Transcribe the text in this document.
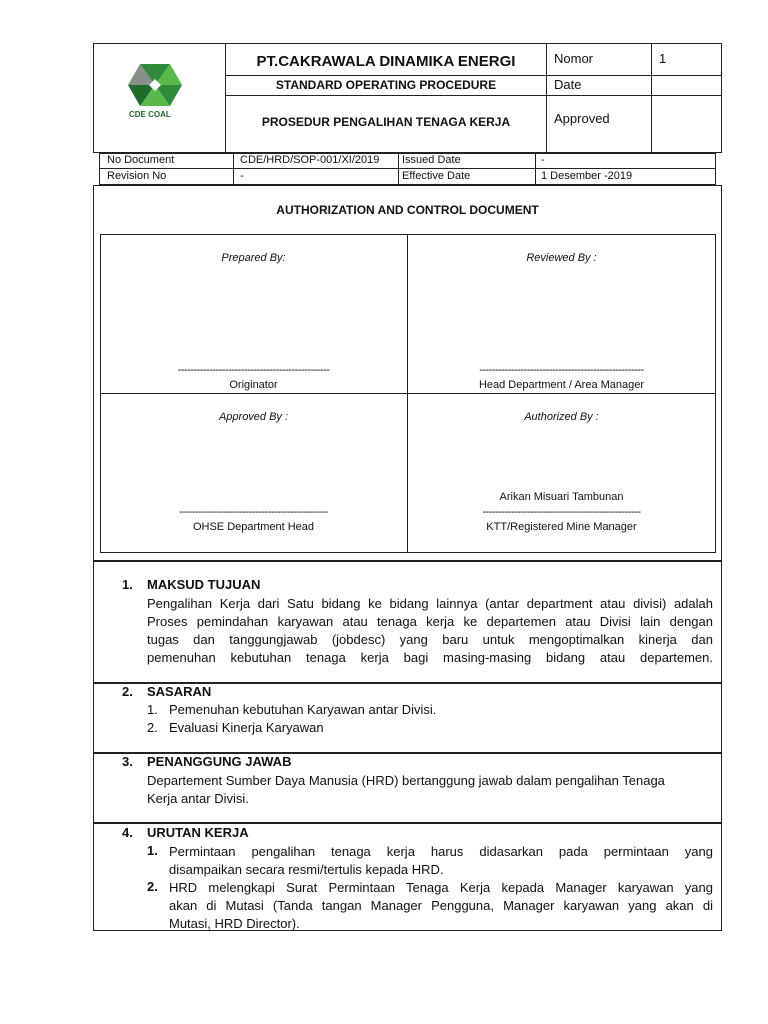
CDE COAL
PT.CAKRAWALA DINAMIKA ENERGI
STANDARD OPERATING PROCEDURE
PROSEDUR PENGALIHAN TENAGA KERJA
Nomor	1
Date
Approved
No Document	CDE/HRD/SOP-001/XI/2019 Issued Date	-
Revision No	-	Effective Date	1 Desember -2019
AUTHORIZATION AND CONTROL DOCUMENT
Prepared By:
------------------------------------------------
Originator
Reviewed By :
----------------------------------------------------
Head Department / Area Manager
Approved By :
-----------------------------------------------
OHSE Department Head
Authorized By :
Arikan Misuari Tambunan
--------------------------------------------------
KTT/Registered Mine Manager
1. MAKSUD TUJUAN
Pengalihan Kerja dari Satu bidang ke bidang lainnya (antar department atau divisi) adalah
Proses pemindahan karyawan atau tenaga kerja ke departemen atau Divisi lain dengan
tugas dan tanggungjawab (jobdesc) yang baru untuk mengoptimalkan kinerja dan
pemenuhan kebutuhan tenaga kerja bagi masing-masing bidang atau departemen.
2. SASARAN
1. Pemenuhan kebutuhan Karyawan antar Divisi.
2. Evaluasi Kinerja Karyawan
3. PENANGGUNG JAWAB
Departement Sumber Daya Manusia (HRD) bertanggung jawab dalam pengalihan Tenaga
Kerja antar Divisi.
4. URUTAN KERJA
1. Permintaan pengalihan tenaga kerja harus didasarkan pada permintaan yang
disampaikan secara resmi/tertulis kepada HRD.
2. HRD melengkapi Surat Permintaan Tenaga Kerja kepada Manager karyawan yang
akan di Mutasi (Tanda tangan Manager Pengguna, Manager karyawan yang akan di
Mutasi, HRD Director).
